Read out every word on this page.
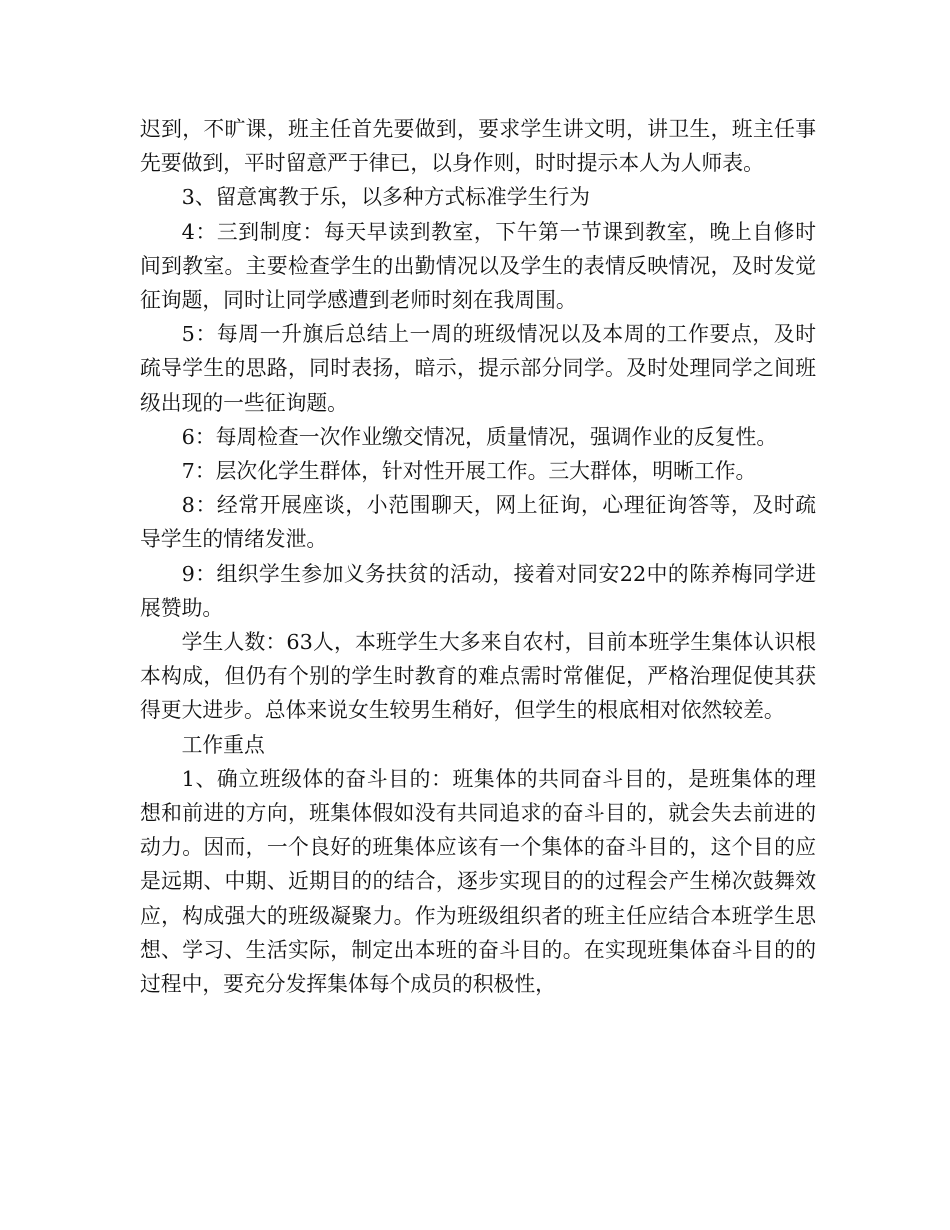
迟到，不旷课，班主任首先要做到，要求学生讲文明，讲卫生，班主任事先要做到，平时留意严于律已，以身作则，时时提示本人为人师表。

3、留意寓教于乐，以多种方式标准学生行为

4：三到制度：每天早读到教室，下午第一节课到教室，晚上自修时间到教室。主要检查学生的出勤情况以及学生的表情反映情况，及时发觉征询题，同时让同学感遭到老师时刻在我周围。

5：每周一升旗后总结上一周的班级情况以及本周的工作要点，及时疏导学生的思路，同时表扬，暗示，提示部分同学。及时处理同学之间班级出现的一些征询题。

6：每周检查一次作业缴交情况，质量情况，强调作业的反复性。

7：层次化学生群体，针对性开展工作。三大群体，明晰工作。

8：经常开展座谈，小范围聊天，网上征询，心理征询答等，及时疏导学生的情绪发泄。

9：组织学生参加义务扶贫的活动，接着对同安22中的陈养梅同学进展赞助。

学生人数：63人，本班学生大多来自农村，目前本班学生集体认识根本构成，但仍有个别的学生时教育的难点需时常催促，严格治理促使其获得更大进步。总体来说女生较男生稍好，但学生的根底相对依然较差。

工作重点

1、确立班级体的奋斗目的：班集体的共同奋斗目的，是班集体的理想和前进的方向，班集体假如没有共同追求的奋斗目的，就会失去前进的动力。因而，一个良好的班集体应该有一个集体的奋斗目的，这个目的应是远期、中期、近期目的的结合，逐步实现目的的过程会产生梯次鼓舞效应，构成强大的班级凝聚力。作为班级组织者的班主任应结合本班学生思想、学习、生活实际，制定出本班的奋斗目的。在实现班集体奋斗目的的过程中，要充分发挥集体每个成员的积极性，
